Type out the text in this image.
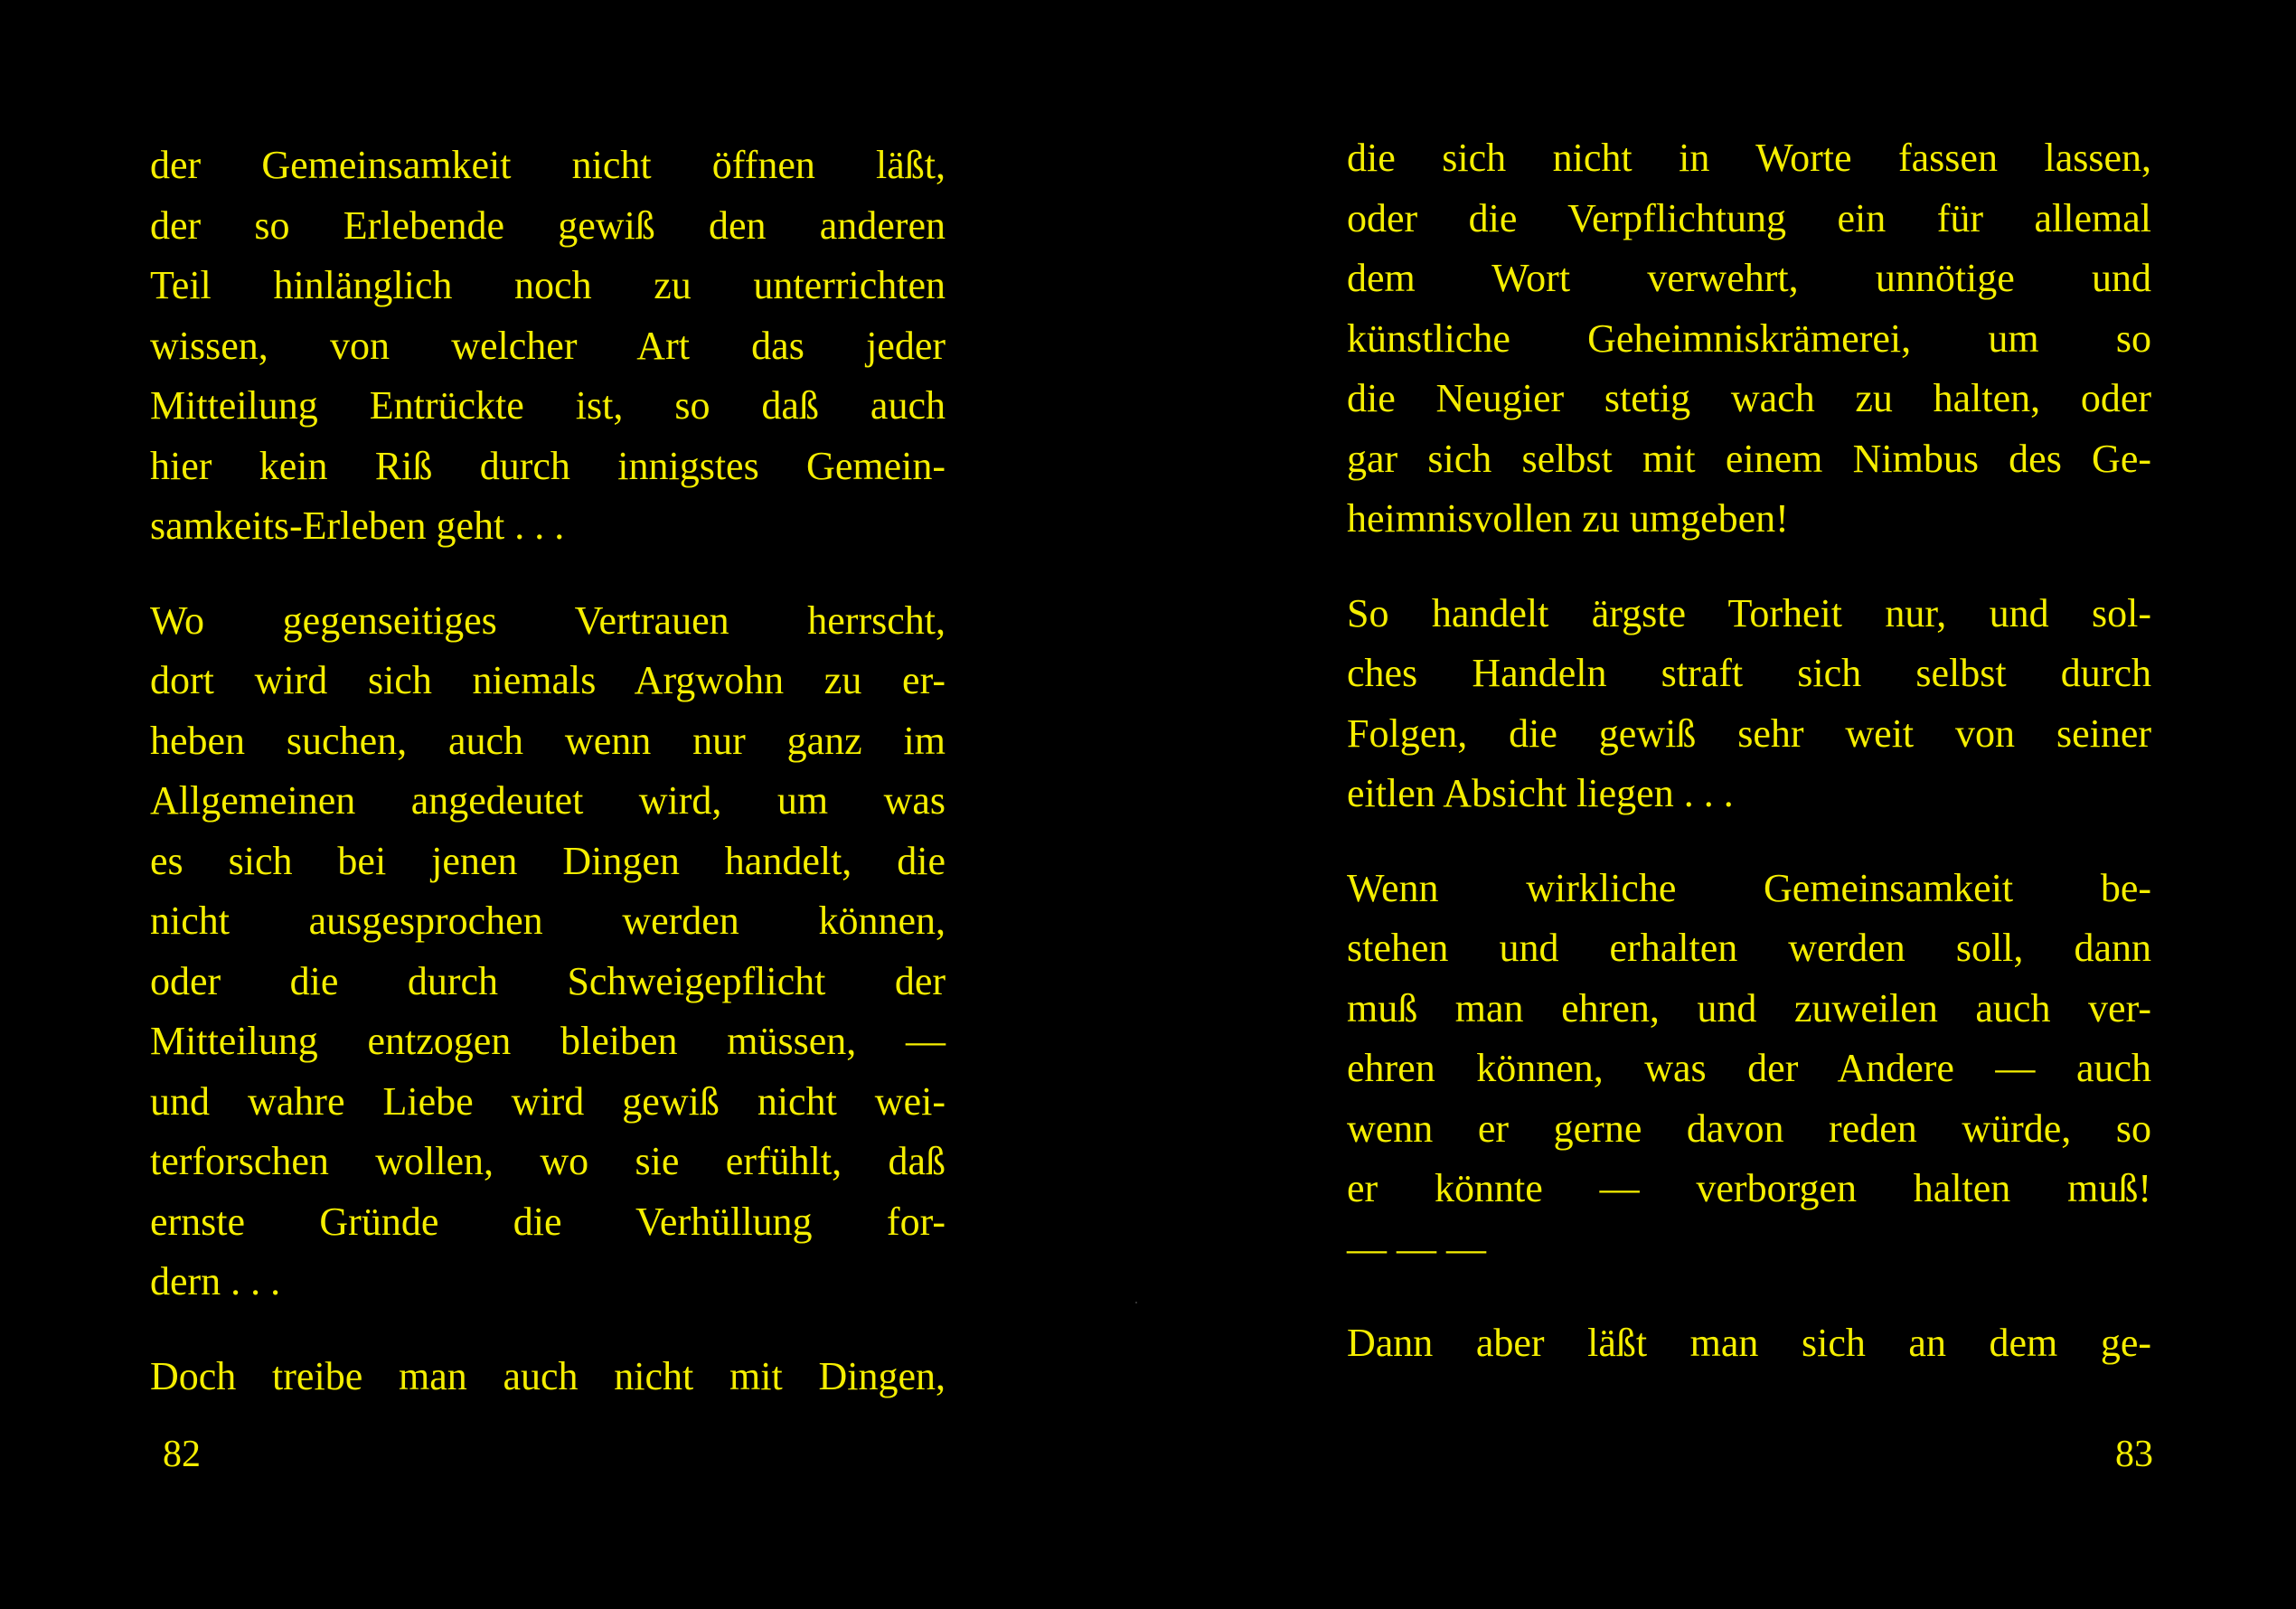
der Gemeinsamkeit nicht öffnen läßt,
der so Erlebende gewiß den anderen
Teil hinlänglich noch zu unterrichten
wissen, von welcher Art das jeder
Mitteilung Entrückte ist, so daß auch
hier kein Riß durch innigstes Gemein-
samkeits-Erleben geht . . .
Wo gegenseitiges Vertrauen herrscht,
dort wird sich niemals Argwohn zu er-
heben suchen, auch wenn nur ganz im
Allgemeinen angedeutet wird, um was
es sich bei jenen Dingen handelt, die
nicht ausgesprochen werden können,
oder die durch Schweigepflicht der
Mitteilung entzogen bleiben müssen, —
und wahre Liebe wird gewiß nicht wei-
terforschen wollen, wo sie erfühlt, daß
ernste Gründe die Verhüllung for-
dern . . .
Doch treibe man auch nicht mit Dingen,
82
die sich nicht in Worte fassen lassen,
oder die Verpflichtung ein für allemal
dem Wort verwehrt, unnötige und
künstliche Geheimniskrämerei, um so
die Neugier stetig wach zu halten, oder
gar sich selbst mit einem Nimbus des Ge-
heimnisvollen zu umgeben!
So handelt ärgste Torheit nur, und sol-
ches Handeln straft sich selbst durch
Folgen, die gewiß sehr weit von seiner
eitlen Absicht liegen . . .
Wenn wirkliche Gemeinsamkeit be-
stehen und erhalten werden soll, dann
muß man ehren, und zuweilen auch ver-
ehren können, was der Andere — auch
wenn er gerne davon reden würde, so
er könnte — verborgen halten muß!
— — —
Dann aber läßt man sich an dem ge-
83
